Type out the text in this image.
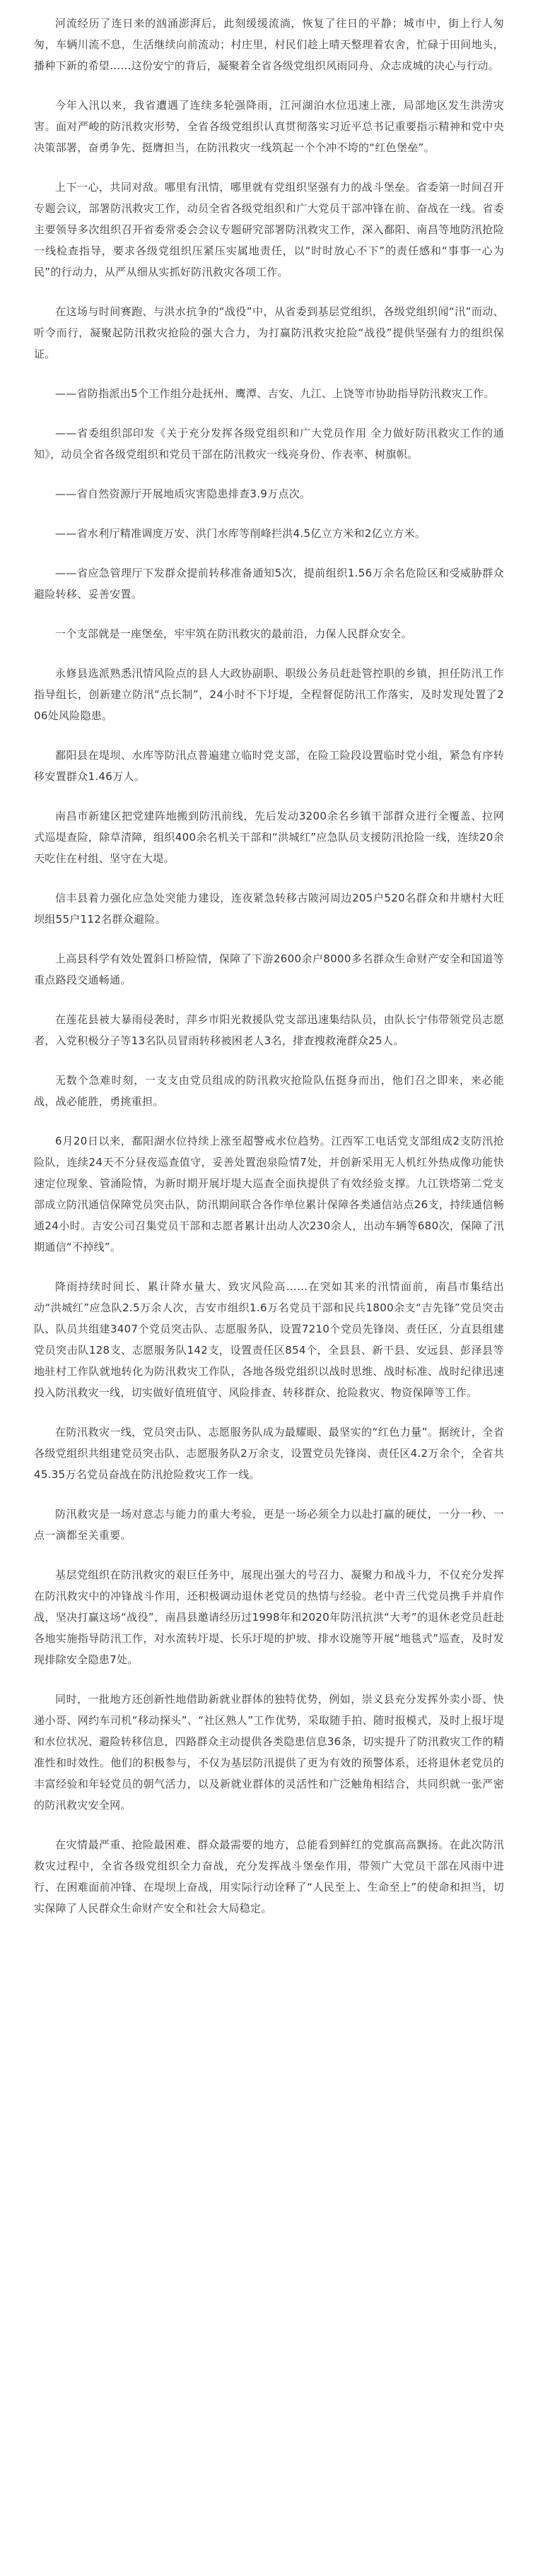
河流经历了连日来的汹涌澎湃后，此刻缓缓流淌，恢复了往日的平静；城市中，街上行人匆匆，车辆川流不息，生活继续向前流动；村庄里，村民们趁上晴天整理着农舍，忙碌于田间地头，播种下新的希望……这份安宁的背后，凝聚着全省各级党组织风雨同舟、众志成城的决心与行动。

今年入汛以来，我省遭遇了连续多轮强降雨，江河湖泊水位迅速上涨，局部地区发生洪涝灾害。面对严峻的防汛救灾形势，全省各级党组织认真贯彻落实习近平总书记重要指示精神和党中央决策部署，奋勇争先、挺膺担当，在防汛救灾一线筑起一个个冲不垮的“红色堡垒”。

上下一心，共同对敌。哪里有汛情，哪里就有党组织坚强有力的战斗堡垒。省委第一时间召开专题会议，部署防汛救灾工作，动员全省各级党组织和广大党员干部冲锋在前、奋战在一线。省委主要领导多次组织召开省委常委会会议专题研究部署防汛救灾工作，深入鄱阳、南昌等地防汛抢险一线检查指导，要求各级党组织压紧压实属地责任，以“时时放心不下”的责任感和“事事一心为民”的行动力，从严从细从实抓好防汛救灾各项工作。

在这场与时间赛跑、与洪水抗争的“战役”中，从省委到基层党组织，各级党组织闻“汛”而动、听令而行，凝聚起防汛救灾抢险的强大合力，为打赢防汛救灾抢险“战役”提供坚强有力的组织保证。

——省防指派出5个工作组分赴抚州、鹰潭、吉安、九江、上饶等市协助指导防汛救灾工作。

——省委组织部印发《关于充分发挥各级党组织和广大党员作用 全力做好防汛救灾工作的通知》，动员全省各级党组织和党员干部在防汛救灾一线亮身份、作表率、树旗帜。

——省自然资源厅开展地质灾害隐患排查3.9万点次。

——省水利厅精准调度万安、洪门水库等削峰拦洪4.5亿立方米和2亿立方米。

——省应急管理厅下发群众提前转移准备通知5次，提前组织1.56万余名危险区和受威胁群众避险转移、妥善安置。

一个支部就是一座堡垒，牢牢筑在防汛救灾的最前沿，力保人民群众安全。

永修县选派熟悉汛情风险点的县人大政协副职、职级公务员赶赴管控职的乡镇，担任防汛工作指导组长，创新建立防汛“点长制”，24小时不下圩堤，全程督促防汛工作落实，及时发现处置了206处风险隐患。

鄱阳县在堤坝、水库等防汛点普遍建立临时党支部，在险工险段设置临时党小组，紧急有序转移安置群众1.46万人。

南昌市新建区把党建阵地搬到防汛前线，先后发动3200余名乡镇干部群众进行全覆盖、拉网式巡堤查险，除草清障，组织400余名机关干部和“洪城红”应急队员支援防汛抢险一线，连续20余天吃住在村组、坚守在大堤。

信丰县着力强化应急处突能力建设，连夜紧急转移古陂河周边205户520名群众和井塘村大旺坝组55户112名群众避险。

上高县科学有效处置斜口桥险情，保障了下游2600余户8000多名群众生命财产安全和国道等重点路段交通畅通。

在莲花县被大暴雨侵袭时，萍乡市阳光救援队党支部迅速集结队员，由队长宁伟带领党员志愿者，入党积极分子等13名队员冒雨转移被困老人3名，排查搜救淹群众25人。

无数个急难时刻，一支支由党员组成的防汛救灾抢险队伍挺身而出，他们召之即来，来必能战，战必能胜，勇挑重担。

6月20日以来，鄱阳湖水位持续上涨至超警戒水位趋势。江西军工电话党支部组成2支防汛抢险队，连续24天不分昼夜巡查值守，妥善处置泡泉险情7处，并创新采用无人机红外热成像功能快速定位现象、管涌险情，为新时期开展圩堤大巡查全面执提供了有效经验支撑。九江铁塔第二党支部成立防汛通信保障党员突击队，防汛期间联合各作单位累计保障各类通信站点26支，持续通信畅通24小时。吉安公司召集党员干部和志愿者累计出动人次230余人，出动车辆等680次，保障了汛期通信“不掉线”。

降雨持续时间长、累计降水量大、致灾风险高……在突如其来的汛情面前，南昌市集结出动“洪城红”应急队2.5万余人次，吉安市组织1.6万名党员干部和民兵1800余支“吉先锋”党员突击队、队员共组建3407个党员突击队、志愿服务队，设置7210个党员先锋岗、责任区，分直县组建党员突击队128支、志愿服务队142支，设置责任区854个，全县县、新干县、安远县、彭泽县等地驻村工作队就地转化为防汛救灾工作队，各地各级党组织以战时思维、战时标准、战时纪律迅速投入防汛救灾一线，切实做好值班值守、风险排查、转移群众、抢险救灾、物资保障等工作。

在防汛救灾一线，党员突击队、志愿服务队成为最耀眼、最坚实的“红色力量”。据统计，全省各级党组织共组建党员突击队、志愿服务队2万余支，设置党员先锋岗、责任区4.2万余个，全省共45.35万名党员奋战在防汛抢险救灾工作一线。

防汛救灾是一场对意志与能力的重大考验，更是一场必须全力以赴打赢的硬仗，一分一秒、一点一滴都至关重要。

基层党组织在防汛救灾的艰巨任务中，展现出强大的号召力、凝聚力和战斗力，不仅充分发挥在防汛救灾中的冲锋战斗作用，还积极调动退休老党员的热情与经验。老中青三代党员携手并肩作战，坚决打赢这场“战役”，南昌县邀请经历过1998年和2020年防汛抗洪“大考”的退休老党员赶赴各地实施指导防汛工作，对水流转圩堤、长乐圩堤的护坡、排水设施等开展“地毯式”巡查，及时发现排除安全隐患7处。

同时，一批地方还创新性地借助新就业群体的独特优势，例如，崇义县充分发挥外卖小哥、快递小哥、网约车司机“移动探头”、“社区熟人”工作优势，采取随手拍、随时报模式，及时上报圩堤和水位状况、避险转移信息，四路群众主动提供各类隐患信息36条，切实提升了防汛救灾工作的精准性和时效性。他们的积极参与，不仅为基层防汛提供了更为有效的预警体系，还将退休老党员的丰富经验和年轻党员的朝气活力，以及新就业群体的灵活性和广泛触角相结合，共同织就一张严密的防汛救灾安全网。

在灾情最严重、抢险最困难、群众最需要的地方，总能看到鲜红的党旗高高飘扬。在此次防汛救灾过程中，全省各级党组织全力奋战，充分发挥战斗堡垒作用，带领广大党员干部在风雨中进行、在困难面前冲锋、在堤坝上奋战，用实际行动诠释了“人民至上、生命至上”的使命和担当，切实保障了人民群众生命财产安全和社会大局稳定。
